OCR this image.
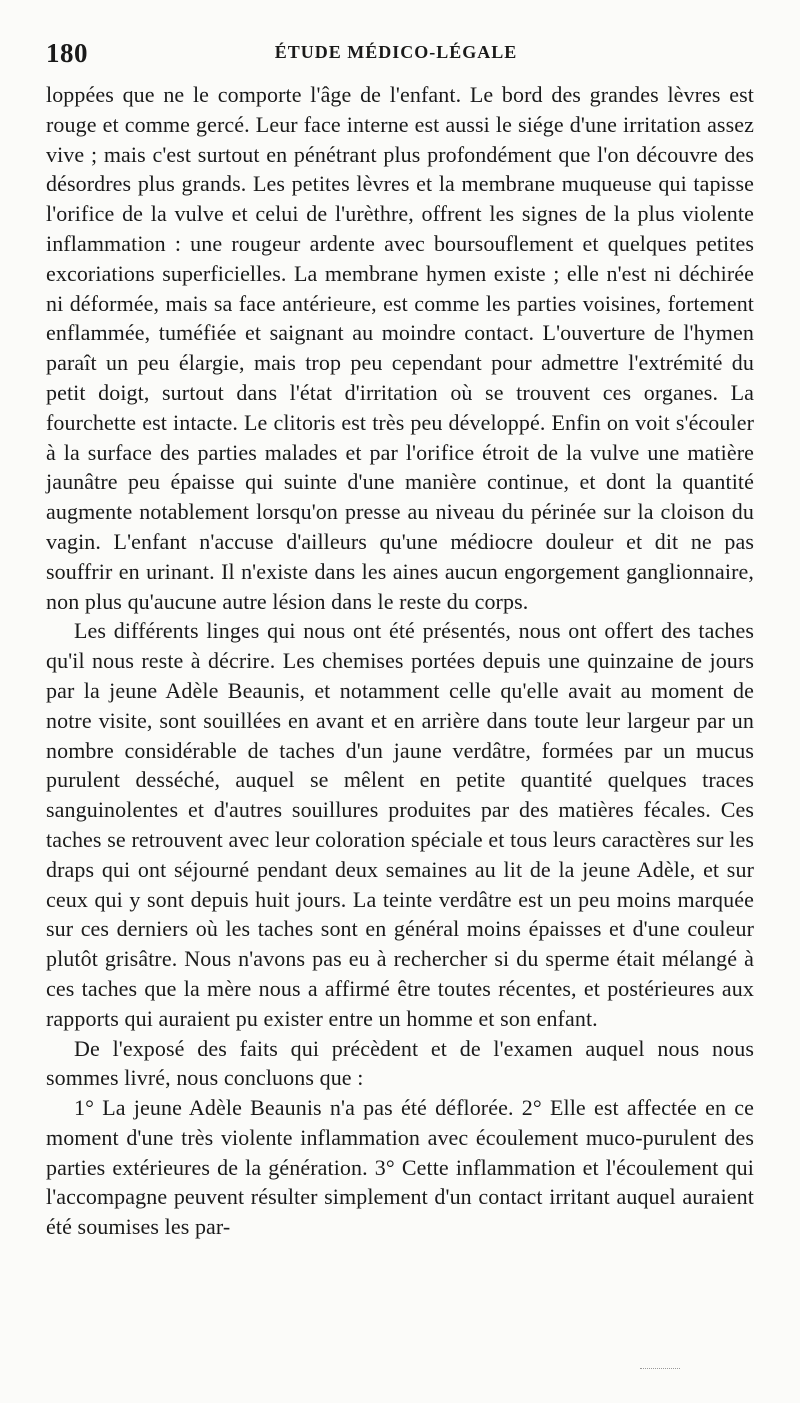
180	ÉTUDE MÉDICO-LÉGALE

loppées que ne le comporte l'âge de l'enfant. Le bord des grandes lèvres est rouge et comme gercé. Leur face interne est aussi le siége d'une irritation assez vive ; mais c'est surtout en pénétrant plus profondément que l'on découvre des désordres plus grands. Les petites lèvres et la membrane muqueuse qui tapisse l'orifice de la vulve et celui de l'urèthre, offrent les signes de la plus violente inflammation : une rougeur ardente avec boursouflement et quelques petites excoriations superficielles. La membrane hymen existe ; elle n'est ni déchirée ni déformée, mais sa face antérieure, est comme les parties voisines, fortement enflammée, tuméfiée et saignant au moindre contact. L'ouverture de l'hymen paraît un peu élargie, mais trop peu cependant pour admettre l'extrémité du petit doigt, surtout dans l'état d'irritation où se trouvent ces organes. La fourchette est intacte. Le clitoris est très peu développé. Enfin on voit s'écouler à la surface des parties malades et par l'orifice étroit de la vulve une matière jaunâtre peu épaisse qui suinte d'une manière continue, et dont la quantité augmente notablement lorsqu'on presse au niveau du périnée sur la cloison du vagin. L'enfant n'accuse d'ailleurs qu'une médiocre douleur et dit ne pas souffrir en urinant. Il n'existe dans les aines aucun engorgement ganglionnaire, non plus qu'aucune autre lésion dans le reste du corps.

Les différents linges qui nous ont été présentés, nous ont offert des taches qu'il nous reste à décrire. Les chemises portées depuis une quinzaine de jours par la jeune Adèle Beaunis, et notamment celle qu'elle avait au moment de notre visite, sont souillées en avant et en arrière dans toute leur largeur par un nombre considérable de taches d'un jaune verdâtre, formées par un mucus purulent desséché, auquel se mêlent en petite quantité quelques traces sanguinolentes et d'autres souillures produites par des matières fécales. Ces taches se retrouvent avec leur coloration spéciale et tous leurs caractères sur les draps qui ont séjourné pendant deux semaines au lit de la jeune Adèle, et sur ceux qui y sont depuis huit jours. La teinte verdâtre est un peu moins marquée sur ces derniers où les taches sont en général moins épaisses et d'une couleur plutôt grisâtre. Nous n'avons pas eu à rechercher si du sperme était mélangé à ces taches que la mère nous a affirmé être toutes récentes, et postérieures aux rapports qui auraient pu exister entre un homme et son enfant.

De l'exposé des faits qui précèdent et de l'examen auquel nous nous sommes livré, nous concluons que :

1° La jeune Adèle Beaunis n'a pas été déflorée. 2° Elle est affectée en ce moment d'une très violente inflammation avec écoulement muco-purulent des parties extérieures de la génération. 3° Cette inflammation et l'écoulement qui l'accompagne peuvent résulter simplement d'un contact irritant auquel auraient été soumises les par-
